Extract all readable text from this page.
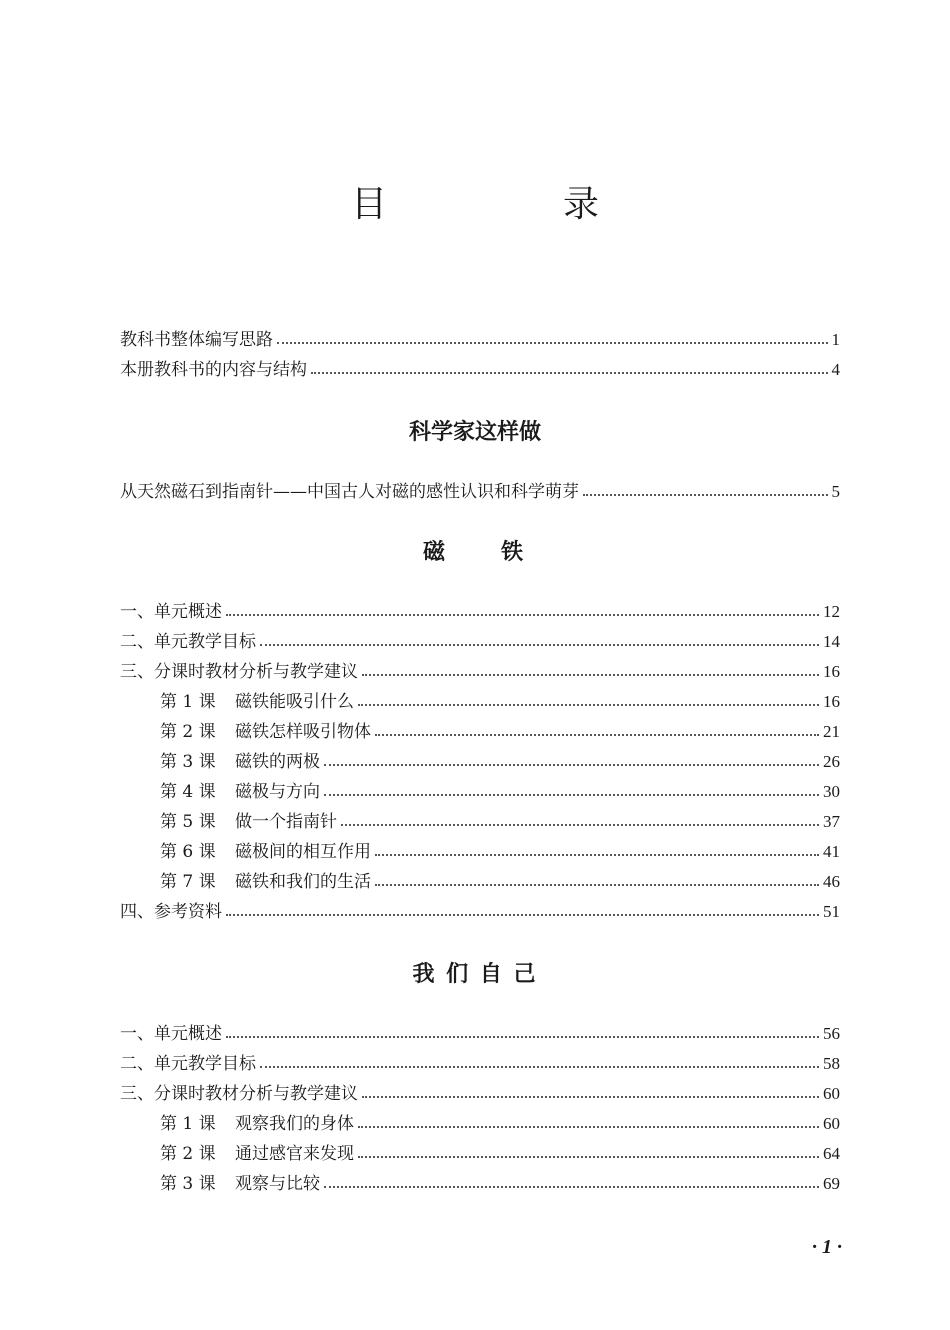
目　录
教科书整体编写思路	1
本册教科书的内容与结构	4
科学家这样做
从天然磁石到指南针——中国古人对磁的感性认识和科学萌芽	5
磁　　铁
一、单元概述	12
二、单元教学目标	14
三、分课时教材分析与教学建议	16
第 1 课	磁铁能吸引什么	16
第 2 课	磁铁怎样吸引物体	21
第 3 课	磁铁的两极	26
第 4 课	磁极与方向	30
第 5 课	做一个指南针	37
第 6 课	磁极间的相互作用	41
第 7 课	磁铁和我们的生活	46
四、参考资料	51
我 们 自 己
一、单元概述	56
二、单元教学目标	58
三、分课时教材分析与教学建议	60
第 1 课	观察我们的身体	60
第 2 课	通过感官来发现	64
第 3 课	观察与比较	69
· 1 ·
